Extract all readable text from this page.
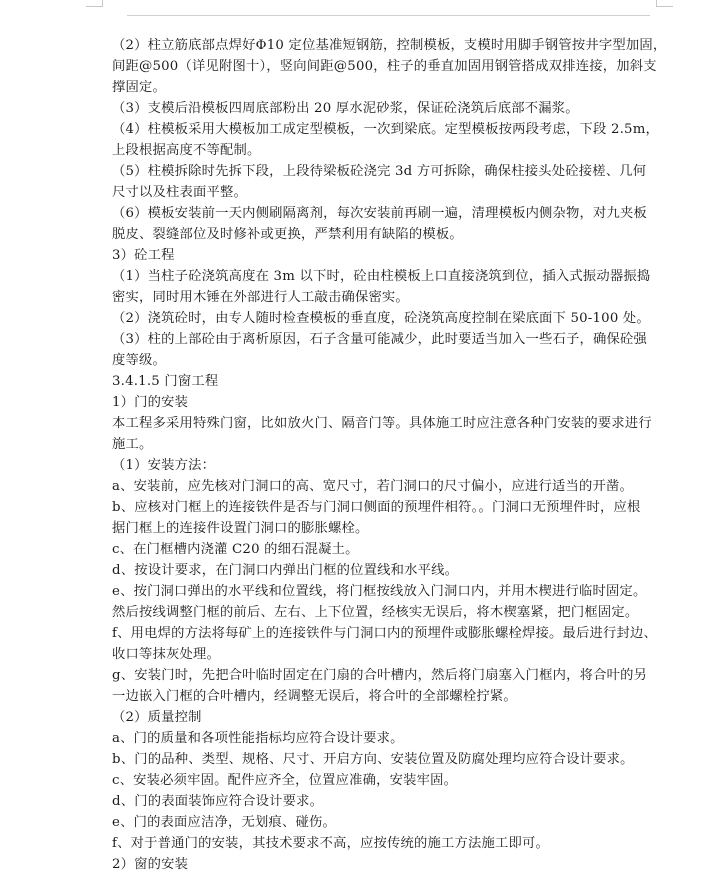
（2）柱立筋底部点焊好Φ10 定位基准短钢筋，控制模板，支模时用脚手钢管按井字型加固，
间距@500（详见附图十），竖向间距@500，柱子的垂直加固用钢管搭成双排连接，加斜支
撑固定。
（3）支模后沿模板四周底部粉出 20 厚水泥砂浆，保证砼浇筑后底部不漏浆。
（4）柱模板采用大模板加工成定型模板，一次到梁底。定型模板按两段考虑，下段 2.5m，
上段根据高度不等配制。
（5）柱模拆除时先拆下段，上段待梁板砼浇完 3d 方可拆除，确保柱接头处砼接槎、几何
尺寸以及柱表面平整。
（6）模板安装前一天内侧刷隔离剂，每次安装前再刷一遍，清理模板内侧杂物，对九夹板
脱皮、裂缝部位及时修补或更换，严禁利用有缺陷的模板。
3）砼工程
（1）当柱子砼浇筑高度在 3m 以下时，砼由柱模板上口直接浇筑到位，插入式振动器振捣
密实，同时用木锤在外部进行人工敲击确保密实。
（2）浇筑砼时，由专人随时检查模板的垂直度，砼浇筑高度控制在梁底面下 50-100 处。
（3）柱的上部砼由于离析原因，石子含量可能减少，此时要适当加入一些石子，确保砼强
度等级。
3.4.1.5 门窗工程
1）门的安装
本工程多采用特殊门窗，比如放火门、隔音门等。具体施工时应注意各种门安装的要求进行
施工。
（1）安装方法：
a、安装前，应先核对门洞口的高、宽尺寸，若门洞口的尺寸偏小，应进行适当的开凿。
b、应核对门框上的连接铁件是否与门洞口侧面的预埋件相符。。门洞口无预埋件时，应根
据门框上的连接件设置门洞口的膨胀螺栓。
c、在门框槽内浇灌 C20 的细石混凝土。
d、按设计要求，在门洞口内弹出门框的位置线和水平线。
e、按门洞口弹出的水平线和位置线，将门框按线放入门洞口内，并用木楔进行临时固定。
然后按线调整门框的前后、左右、上下位置，经核实无误后，将木楔塞紧，把门框固定。
f、用电焊的方法将每矿上的连接铁件与门洞口内的预埋件或膨胀螺栓焊接。最后进行封边、
收口等抹灰处理。
g、安装门时，先把合叶临时固定在门扇的合叶槽内，然后将门扇塞入门框内，将合叶的另
一边嵌入门框的合叶槽内，经调整无误后，将合叶的全部螺栓拧紧。
（2）质量控制
a、门的质量和各项性能指标均应符合设计要求。
b、门的品种、类型、规格、尺寸、开启方向、安装位置及防腐处理均应符合设计要求。
c、安装必须牢固。配件应齐全，位置应准确，安装牢固。
d、门的表面装饰应符合设计要求。
e、门的表面应洁净，无划痕、碰伤。
f、对于普通门的安装，其技术要求不高，应按传统的施工方法施工即可。
2）窗的安装
